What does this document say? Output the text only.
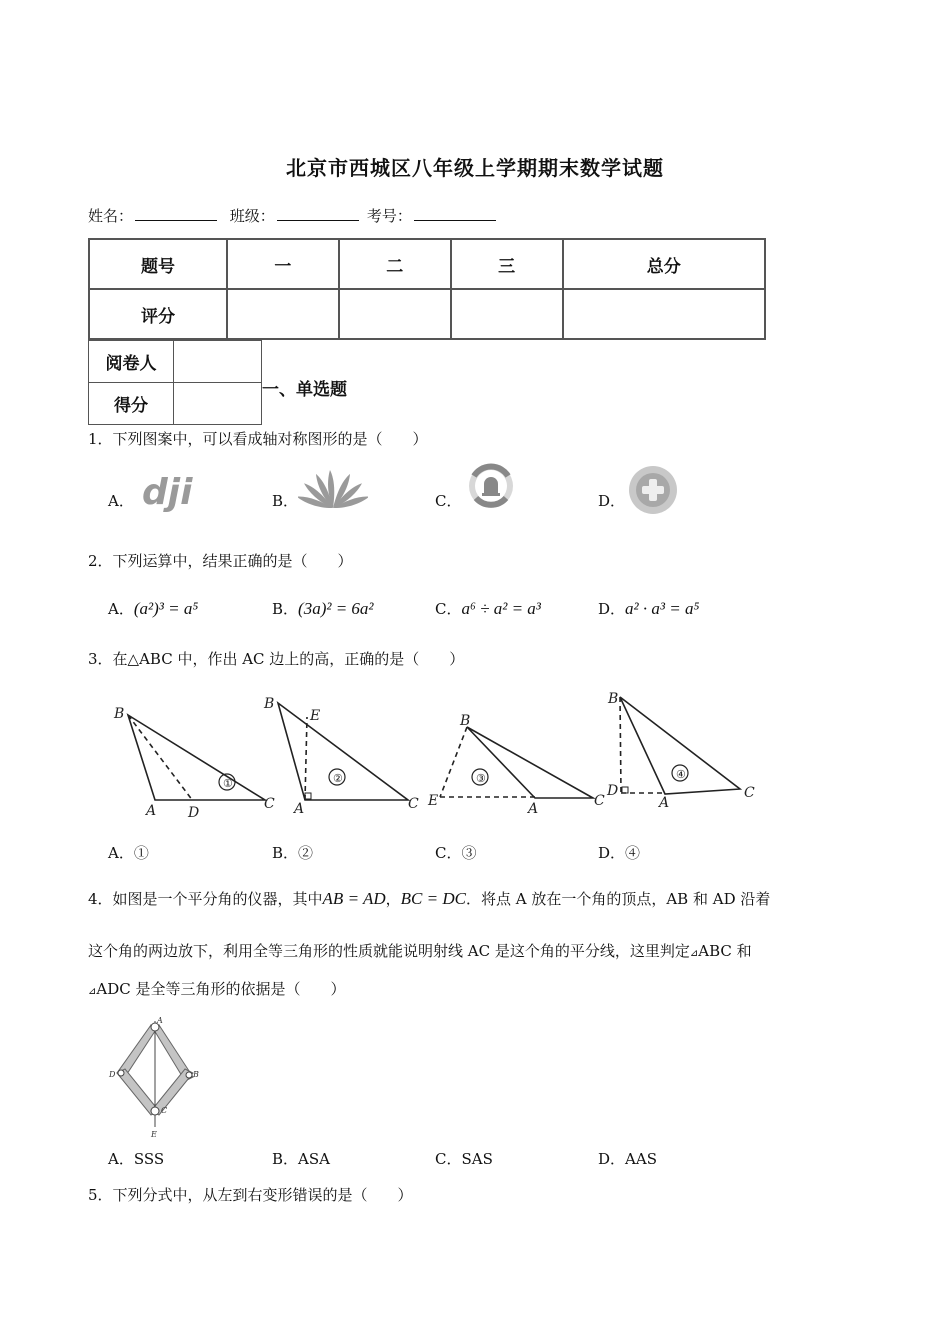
北京市西城区八年级上学期期末数学试题
姓名：	班级：	考号：
题号	一	二	三	总分
评分				
阅卷人	
得分	
一、单选题
1．下列图案中，可以看成轴对称图形的是（　　）
A． dji	B．	C．	D．
2．下列运算中，结果正确的是（　　）
A．(a²)³ = a⁵	B．(3a)² = 6a²	C．a⁶ ÷ a² = a³	D．a² · a³ = a⁵
3．在△ABC 中，作出 AC 边上的高，正确的是（　　）
①
B
A D
C
②
B
E
A	C
③
B
E	A	C
④
B
D
A
C
A．①	B．②	C．③	D．④
4．如图是一个平分角的仪器，其中AB = AD，BC = DC．将点 A 放在一个角的顶点，AB 和 AD 沿着
这个角的两边放下，利用全等三角形的性质就能说明射线 AC 是这个角的平分线，这里判定⊿ABC 和
⊿ADC 是全等三角形的依据是（　　）
A
D	B
C
E
A．SSS	B．ASA	C．SAS	D．AAS
5．下列分式中，从左到右变形错误的是（　　）
